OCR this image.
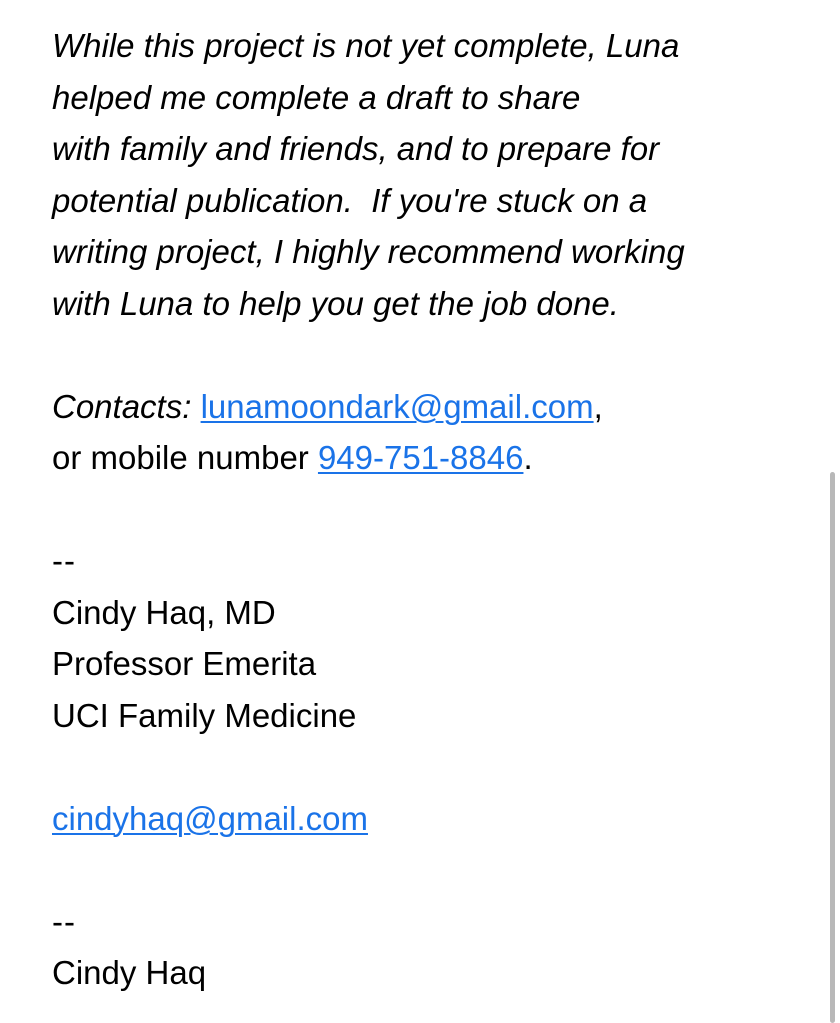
While this project is not yet complete, Luna
helped me complete a draft to share
with family and friends, and to prepare for
potential publication.  If you're stuck on a
writing project, I highly recommend working
with Luna to help you get the job done.

Contacts: lunamoondark@gmail.com,
or mobile number 949-751-8846.
--
Cindy Haq, MD
Professor Emerita
UCI Family Medicine
cindyhaq@gmail.com
--
Cindy Haq
